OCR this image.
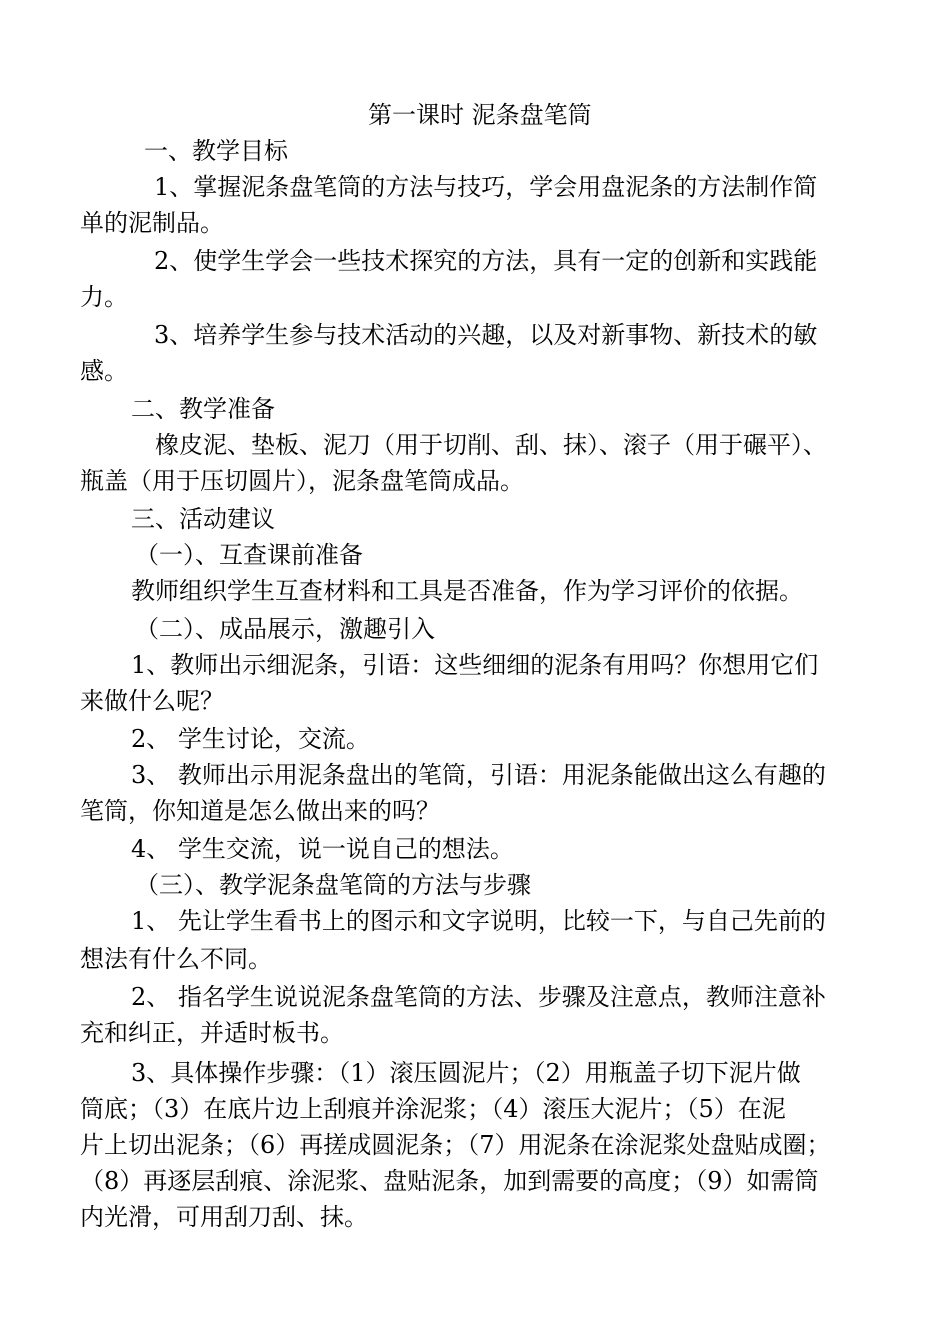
第一课时 泥条盘笔筒
一、教学目标
1、掌握泥条盘笔筒的方法与技巧，学会用盘泥条的方法制作简
单的泥制品。
2、使学生学会一些技术探究的方法，具有一定的创新和实践能
力。
3、培养学生参与技术活动的兴趣，以及对新事物、新技术的敏
感。
二、教学准备
橡皮泥、垫板、泥刀（用于切削、刮、抹）、滚子（用于碾平）、
瓶盖（用于压切圆片），泥条盘笔筒成品。
三、活动建议
（一）、互查课前准备
教师组织学生互查材料和工具是否准备，作为学习评价的依据。
（二）、成品展示，激趣引入
1、教师出示细泥条，引语：这些细细的泥条有用吗？你想用它们
来做什么呢？
2、 学生讨论，交流。
3、 教师出示用泥条盘出的笔筒，引语：用泥条能做出这么有趣的
笔筒，你知道是怎么做出来的吗？
4、 学生交流，说一说自己的想法。
（三）、教学泥条盘笔筒的方法与步骤
1、 先让学生看书上的图示和文字说明，比较一下，与自己先前的
想法有什么不同。
2、 指名学生说说泥条盘笔筒的方法、步骤及注意点，教师注意补
充和纠正，并适时板书。
3、具体操作步骤：（1）滚压圆泥片；（2）用瓶盖子切下泥片做
筒底；（3）在底片边上刮痕并涂泥浆；（4）滚压大泥片；（5）在泥
片上切出泥条；（6）再搓成圆泥条；（7）用泥条在涂泥浆处盘贴成圈；
（8）再逐层刮痕、涂泥浆、盘贴泥条，加到需要的高度；（9）如需筒
内光滑，可用刮刀刮、抹。
